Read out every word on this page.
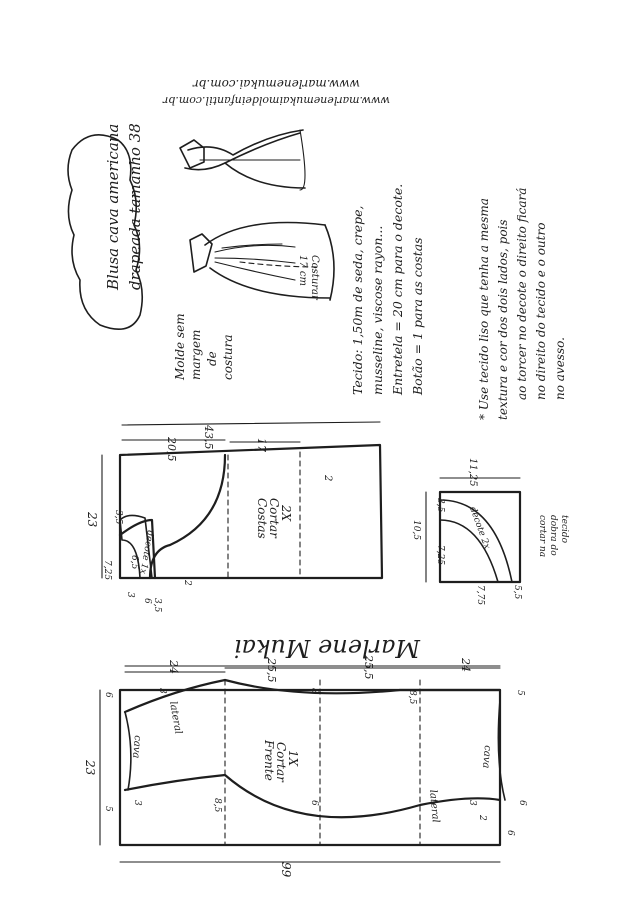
www.marlenemukai.com.br
www.marlenemukaimoldeinfantil.com.br
Blusa cava americana drapeada tamanho 38
Molde sem margem de costura
17 cm Costurar Tecido: 1,50m de seda, crepe, musseline, viscose rayon... Entretela = 20 cm para o decote. Botão = 1 para as costas	* Use tecido liso que tenha a mesma textura e cor dos dois lados, pois ao torcer no decote o direito ficará no direito do tecido e o outro no avesso.
43,5
20,5	17
23
7,25
3,5
6,5
3
6 3,5
2
2
decote 1x
Costas
Cortar
2X
11,25
10,5
3,5
7,25
7,75	5,5
decote 2x	cortar na dobra do tecido
Marlene Mukai
24	25,5	25,5	24
99
23
6
5
3
3
3
8,5
8,5
6
8
6
5
6
2
cava
lateral
lateral
cava
Frente
Cortar
1X
